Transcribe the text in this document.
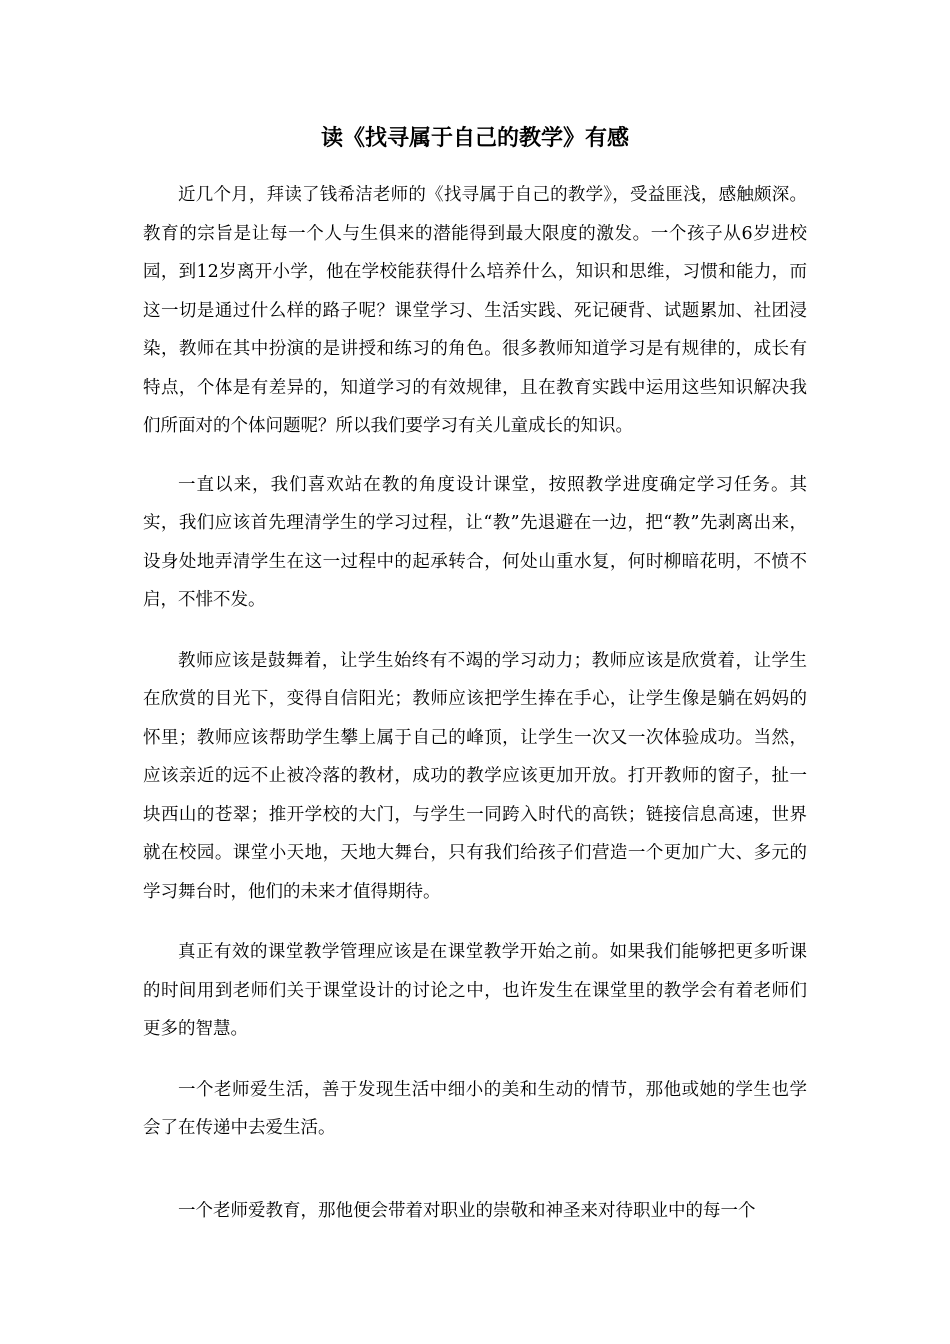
读《找寻属于自己的教学》有感

近几个月，拜读了钱希洁老师的《找寻属于自己的教学》，受益匪浅，感触颇深。教育的宗旨是让每一个人与生俱来的潜能得到最大限度的激发。一个孩子从6岁进校园，到12岁离开小学，他在学校能获得什么培养什么，知识和思维，习惯和能力，而这一切是通过什么样的路子呢？课堂学习、生活实践、死记硬背、试题累加、社团浸染，教师在其中扮演的是讲授和练习的角色。很多教师知道学习是有规律的，成长有特点，个体是有差异的，知道学习的有效规律，且在教育实践中运用这些知识解决我们所面对的个体问题呢？所以我们要学习有关儿童成长的知识。

一直以来，我们喜欢站在教的角度设计课堂，按照教学进度确定学习任务。其实，我们应该首先理清学生的学习过程，让“教”先退避在一边，把“教”先剥离出来，设身处地弄清学生在这一过程中的起承转合，何处山重水复，何时柳暗花明，不愤不启，不悱不发。

教师应该是鼓舞着，让学生始终有不竭的学习动力；教师应该是欣赏着，让学生在欣赏的目光下，变得自信阳光；教师应该把学生捧在手心，让学生像是躺在妈妈的怀里；教师应该帮助学生攀上属于自己的峰顶，让学生一次又一次体验成功。当然，应该亲近的远不止被冷落的教材，成功的教学应该更加开放。打开教师的窗子，扯一块西山的苍翠；推开学校的大门，与学生一同跨入时代的高铁；链接信息高速，世界就在校园。课堂小天地，天地大舞台，只有我们给孩子们营造一个更加广大、多元的学习舞台时，他们的未来才值得期待。

真正有效的课堂教学管理应该是在课堂教学开始之前。如果我们能够把更多听课的时间用到老师们关于课堂设计的讨论之中，也许发生在课堂里的教学会有着老师们更多的智慧。

一个老师爱生活，善于发现生活中细小的美和生动的情节，那他或她的学生也学会了在传递中去爱生活。

一个老师爱教育，那他便会带着对职业的崇敬和神圣来对待职业中的每一个
